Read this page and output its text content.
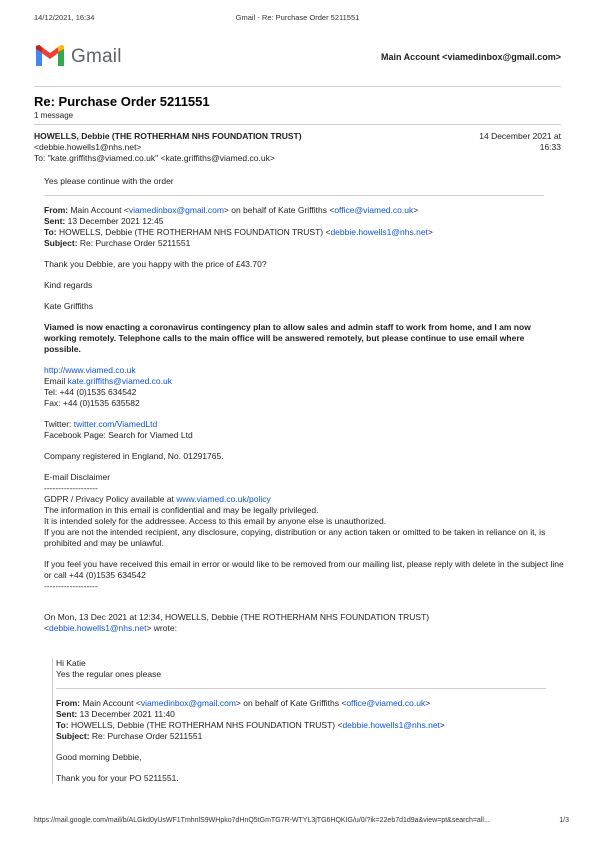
14/12/2021, 16:34	Gmail - Re: Purchase Order 5211551
Gmail	Main Account <viamedinbox@gmail.com>
Re: Purchase Order 5211551
1 message
HOWELLS, Debbie (THE ROTHERHAM NHS FOUNDATION TRUST)
<debbie.howells1@nhs.net>
To: "kate.griffiths@viamed.co.uk" <kate.griffiths@viamed.co.uk>
14 December 2021 at
16:33

Yes please continue with the order

From: Main Account <viamedinbox@gmail.com> on behalf of Kate Griffiths <office@viamed.co.uk>

Sent: 13 December 2021 12:45

To: HOWELLS, Debbie (THE ROTHERHAM NHS FOUNDATION TRUST) <debbie.howells1@nhs.net>

Subject: Re: Purchase Order 5211551

Thank you Debbie, are you happy with the price of £43.70?

Kind regards

Kate Griffiths

Viamed is now enacting a coronavirus contingency plan to allow sales and admin staff to work from home, and I am now working remotely. Telephone calls to the main office will be answered remotely, but please continue to use email where possible.

http://www.viamed.co.uk

Email kate.griffiths@viamed.co.uk

Tel: +44 (0)1535 634542

Fax: +44 (0)1535 635582

Twitter: twitter.com/ViamedLtd

Facebook Page: Search for Viamed Ltd

Company registered in England, No. 01291765.

E-mail Disclaimer

-------------------

GDPR / Privacy Policy available at www.viamed.co.uk/policy

The information in this email is confidential and may be legally privileged.

It is intended solely for the addressee. Access to this email by anyone else is unauthorized.

If you are not the intended recipient, any disclosure, copying, distribution or any action taken or omitted to be taken in reliance on it, is prohibited and may be unlawful.

If you feel you have received this email in error or would like to be removed from our mailing list, please reply with delete in the subject line or call +44 (0)1535 634542

-------------------

On Mon, 13 Dec 2021 at 12:34, HOWELLS, Debbie (THE ROTHERHAM NHS FOUNDATION TRUST)

<debbie.howells1@nhs.net> wrote:

Hi Katie

Yes the regular ones please

From: Main Account <viamedinbox@gmail.com> on behalf of Kate Griffiths <office@viamed.co.uk>

Sent: 13 December 2021 11:40

To: HOWELLS, Debbie (THE ROTHERHAM NHS FOUNDATION TRUST) <debbie.howells1@nhs.net>

Subject: Re: Purchase Order 5211551

Good morning Debbie,

Thank you for your PO 5211551.

https://mail.google.com/mail/b/ALGkd0yUsWF1TmhnlS9WHpko7dHnQ5tGmTG7R-WTYL3jTG6HQKIG/u/0/?ik=22eb7d1d9a&view=pt&search=all...	1/3
